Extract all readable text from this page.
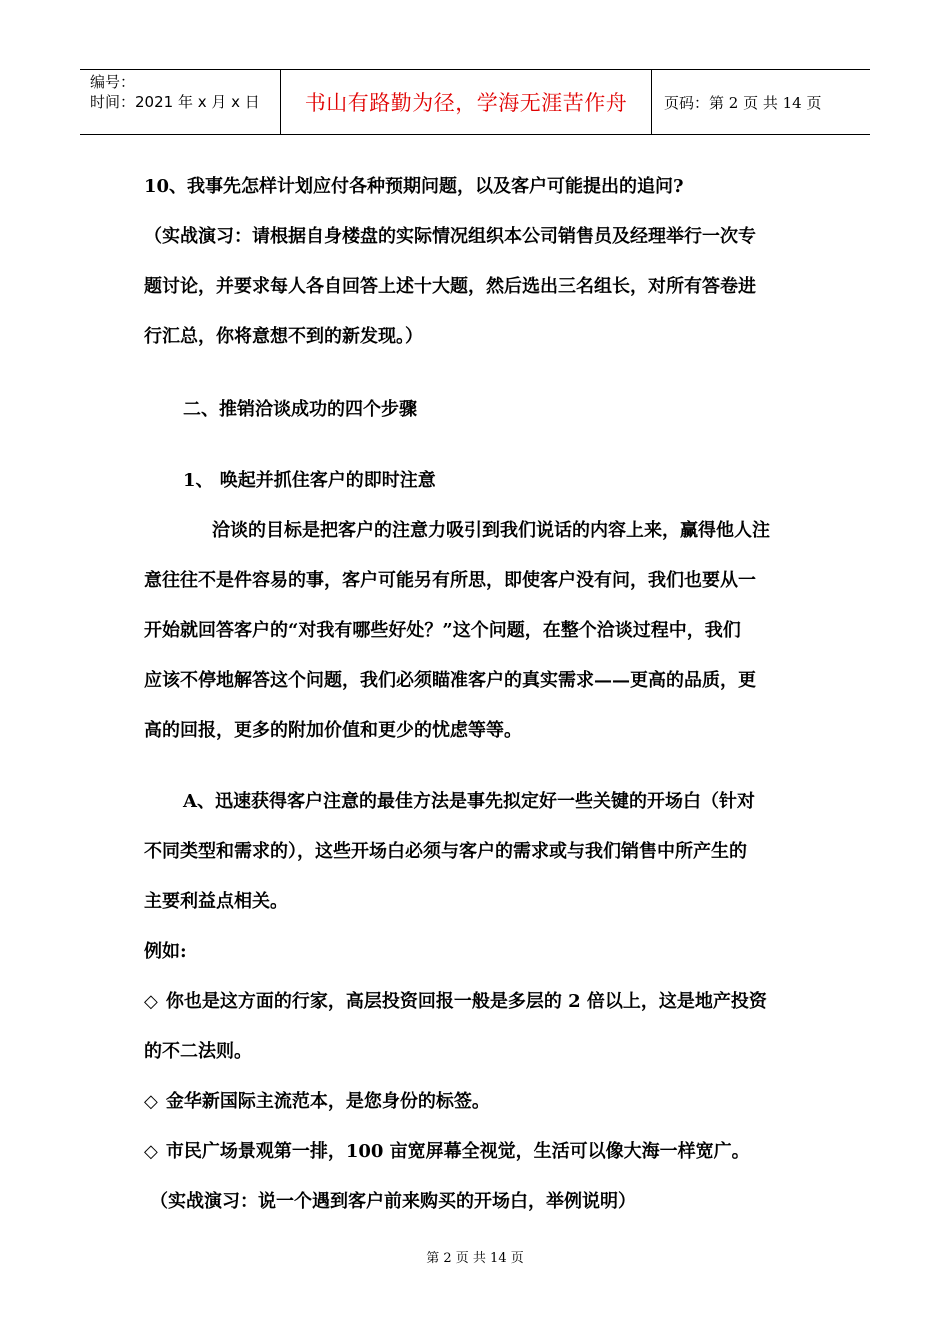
编号：
时间：2021 年 x 月 x 日	书山有路勤为径，学海无涯苦作舟	页码：第 2 页 共 14 页
10、我事先怎样计划应付各种预期问题，以及客户可能提出的追问?
（实战演习：请根据自身楼盘的实际情况组织本公司销售员及经理举行一次专
题讨论，并要求每人各自回答上述十大题，然后选出三名组长，对所有答卷进
行汇总，你将意想不到的新发现。）
二、推销洽谈成功的四个步骤
1、 唤起并抓住客户的即时注意
洽谈的目标是把客户的注意力吸引到我们说话的内容上来，赢得他人注
意往往不是件容易的事，客户可能另有所思，即使客户没有问，我们也要从一
开始就回答客户的“对我有哪些好处？”这个问题，在整个洽谈过程中，我们
应该不停地解答这个问题，我们必须瞄准客户的真实需求——更高的品质，更
高的回报，更多的附加价值和更少的忧虑等等。
A、迅速获得客户注意的最佳方法是事先拟定好一些关键的开场白（针对
不同类型和需求的），这些开场白必须与客户的需求或与我们销售中所产生的
主要利益点相关。
例如:
◇ 你也是这方面的行家，高层投资回报一般是多层的 2 倍以上，这是地产投资
的不二法则。
◇ 金华新国际主流范本，是您身份的标签。
◇ 市民广场景观第一排，100 亩宽屏幕全视觉，生活可以像大海一样宽广。
（实战演习：说一个遇到客户前来购买的开场白，举例说明）
第 2 页 共 14 页
